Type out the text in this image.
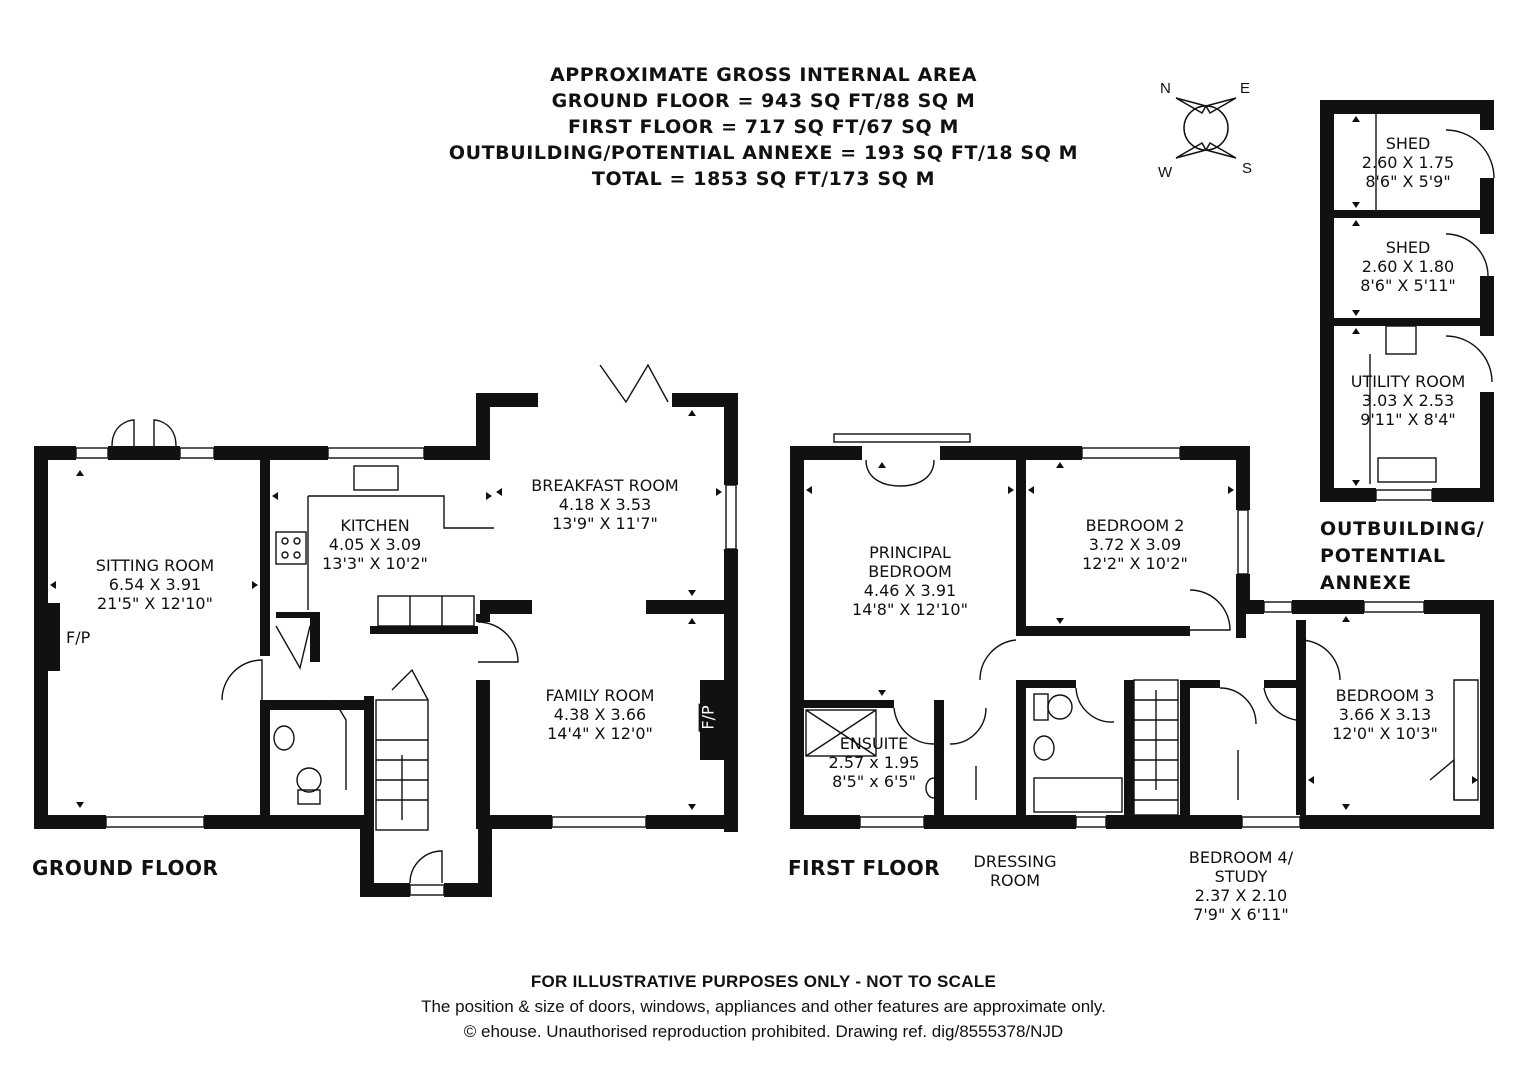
APPROXIMATE GROSS INTERNAL AREA
GROUND FLOOR = 943 SQ FT/88 SQ M
FIRST FLOOR = 717 SQ FT/67 SQ M
OUTBUILDING/POTENTIAL ANNEXE = 193 SQ FT/18 SQ M
TOTAL = 1853 SQ FT/173 SQ M
N	E
S
W
SITTING ROOM
6.54 X 3.91
21'5" X 12'10"
KITCHEN
4.05 X 3.09
13'3" X 10'2"
BREAKFAST ROOM
4.18 X 3.53
13'9" X 11'7"
FAMILY ROOM
4.38 X 3.66
14'4" X 12'0"
F/P
F/P
PRINCIPAL
BEDROOM
4.46 X 3.91
14'8" X 12'10"
BEDROOM 2
3.72 X 3.09
12'2" X 10'2"
BEDROOM 3
3.66 X 3.13
12'0" X 10'3"
ENSUITE
2.57 x 1.95
8'5" x 6'5"
DRESSING
ROOM
BEDROOM 4/
STUDY
2.37 X 2.10
7'9" X 6'11"
SHED
2.60 X 1.75
8'6" X 5'9"
SHED
2.60 X 1.80
8'6" X 5'11"
UTILITY ROOM
3.03 X 2.53
9'11" X 8'4"
GROUND FLOOR	FIRST FLOOR
OUTBUILDING/
POTENTIAL
ANNEXE
FOR ILLUSTRATIVE PURPOSES ONLY - NOT TO SCALE
The position & size of doors, windows, appliances and other features are approximate only.
© ehouse. Unauthorised reproduction prohibited. Drawing ref. dig/8555378/NJD
